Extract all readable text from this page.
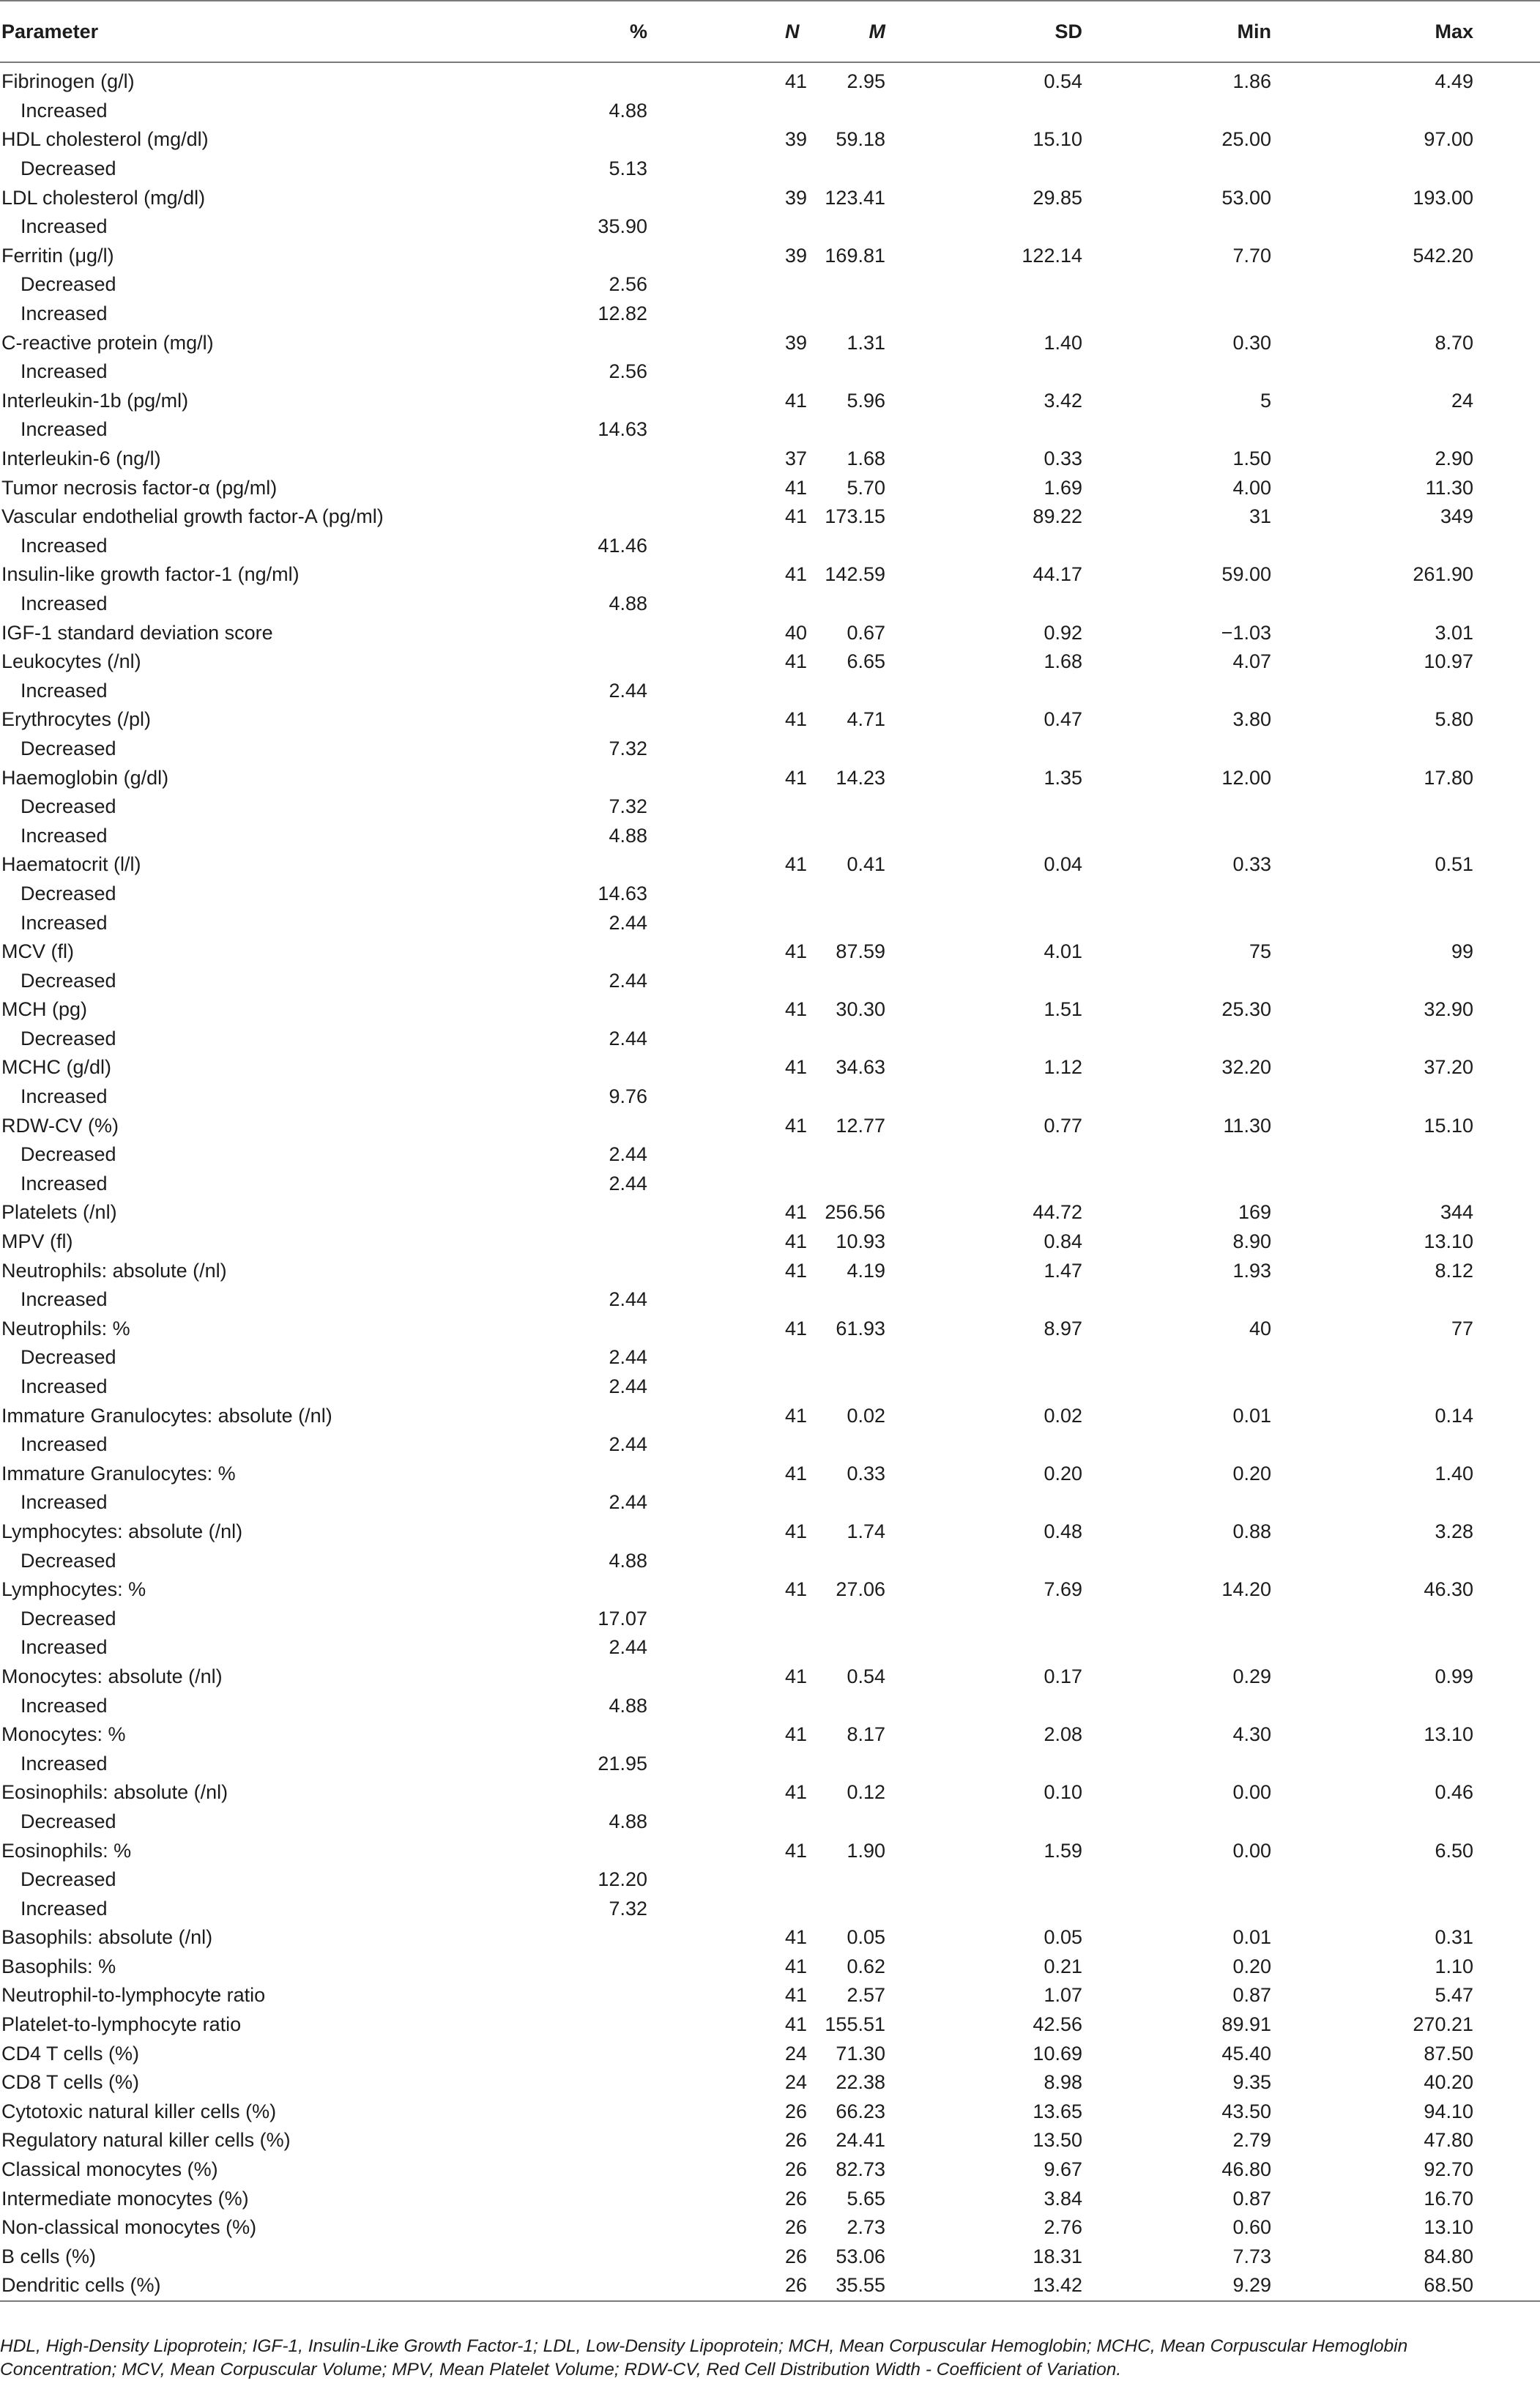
Parameter	N	%	M	SD	Min	Max
Fibrinogen (g/l)	41		2.95	0.54	1.86	4.49
Increased		4.88				
HDL cholesterol (mg/dl)	39		59.18	15.10	25.00	97.00
Decreased		5.13				
LDL cholesterol (mg/dl)	39		123.41	29.85	53.00	193.00
Increased		35.90				
Ferritin (μg/l)	39		169.81	122.14	7.70	542.20
Decreased		2.56				
Increased		12.82				
C-reactive protein (mg/l)	39		1.31	1.40	0.30	8.70
Increased		2.56				
Interleukin-1b (pg/ml)	41		5.96	3.42	5	24
Increased		14.63				
Interleukin-6 (ng/l)	37		1.68	0.33	1.50	2.90
Tumor necrosis factor-α (pg/ml)	41		5.70	1.69	4.00	11.30
Vascular endothelial growth factor-A (pg/ml)	41		173.15	89.22	31	349
Increased		41.46				
Insulin-like growth factor-1 (ng/ml)	41		142.59	44.17	59.00	261.90
Increased		4.88				
IGF-1 standard deviation score	40		0.67	0.92	−1.03	3.01
Leukocytes (/nl)	41		6.65	1.68	4.07	10.97
Increased		2.44				
Erythrocytes (/pl)	41		4.71	0.47	3.80	5.80
Decreased		7.32				
Haemoglobin (g/dl)	41		14.23	1.35	12.00	17.80
Decreased		7.32				
Increased		4.88				
Haematocrit (l/l)	41		0.41	0.04	0.33	0.51
Decreased		14.63				
Increased		2.44				
MCV (fl)	41		87.59	4.01	75	99
Decreased		2.44				
MCH (pg)	41		30.30	1.51	25.30	32.90
Decreased		2.44				
MCHC (g/dl)	41		34.63	1.12	32.20	37.20
Increased		9.76				
RDW-CV (%)	41		12.77	0.77	11.30	15.10
Decreased		2.44				
Increased		2.44				
Platelets (/nl)	41		256.56	44.72	169	344
MPV (fl)	41		10.93	0.84	8.90	13.10
Neutrophils: absolute (/nl)	41		4.19	1.47	1.93	8.12
Increased		2.44				
Neutrophils: %	41		61.93	8.97	40	77
Decreased		2.44				
Increased		2.44				
Immature Granulocytes: absolute (/nl)	41		0.02	0.02	0.01	0.14
Increased		2.44				
Immature Granulocytes: %	41		0.33	0.20	0.20	1.40
Increased		2.44				
Lymphocytes: absolute (/nl)	41		1.74	0.48	0.88	3.28
Decreased		4.88				
Lymphocytes: %	41		27.06	7.69	14.20	46.30
Decreased		17.07				
Increased		2.44				
Monocytes: absolute (/nl)	41		0.54	0.17	0.29	0.99
Increased		4.88				
Monocytes: %	41		8.17	2.08	4.30	13.10
Increased		21.95				
Eosinophils: absolute (/nl)	41		0.12	0.10	0.00	0.46
Decreased		4.88				
Eosinophils: %	41		1.90	1.59	0.00	6.50
Decreased		12.20				
Increased		7.32				
Basophils: absolute (/nl)	41		0.05	0.05	0.01	0.31
Basophils: %	41		0.62	0.21	0.20	1.10
Neutrophil-to-lymphocyte ratio	41		2.57	1.07	0.87	5.47
Platelet-to-lymphocyte ratio	41		155.51	42.56	89.91	270.21
CD4 T cells (%)	24		71.30	10.69	45.40	87.50
CD8 T cells (%)	24		22.38	8.98	9.35	40.20
Cytotoxic natural killer cells (%)	26		66.23	13.65	43.50	94.10
Regulatory natural killer cells (%)	26		24.41	13.50	2.79	47.80
Classical monocytes (%)	26		82.73	9.67	46.80	92.70
Intermediate monocytes (%)	26		5.65	3.84	0.87	16.70
Non-classical monocytes (%)	26		2.73	2.76	0.60	13.10
B cells (%)	26		53.06	18.31	7.73	84.80
Dendritic cells (%)	26		35.55	13.42	9.29	68.50
HDL, High-Density Lipoprotein; IGF-1, Insulin-Like Growth Factor-1; LDL, Low-Density Lipoprotein; MCH, Mean Corpuscular Hemoglobin; MCHC, Mean Corpuscular Hemoglobin Concentration; MCV, Mean Corpuscular Volume; MPV, Mean Platelet Volume; RDW-CV, Red Cell Distribution Width - Coefficient of Variation.
